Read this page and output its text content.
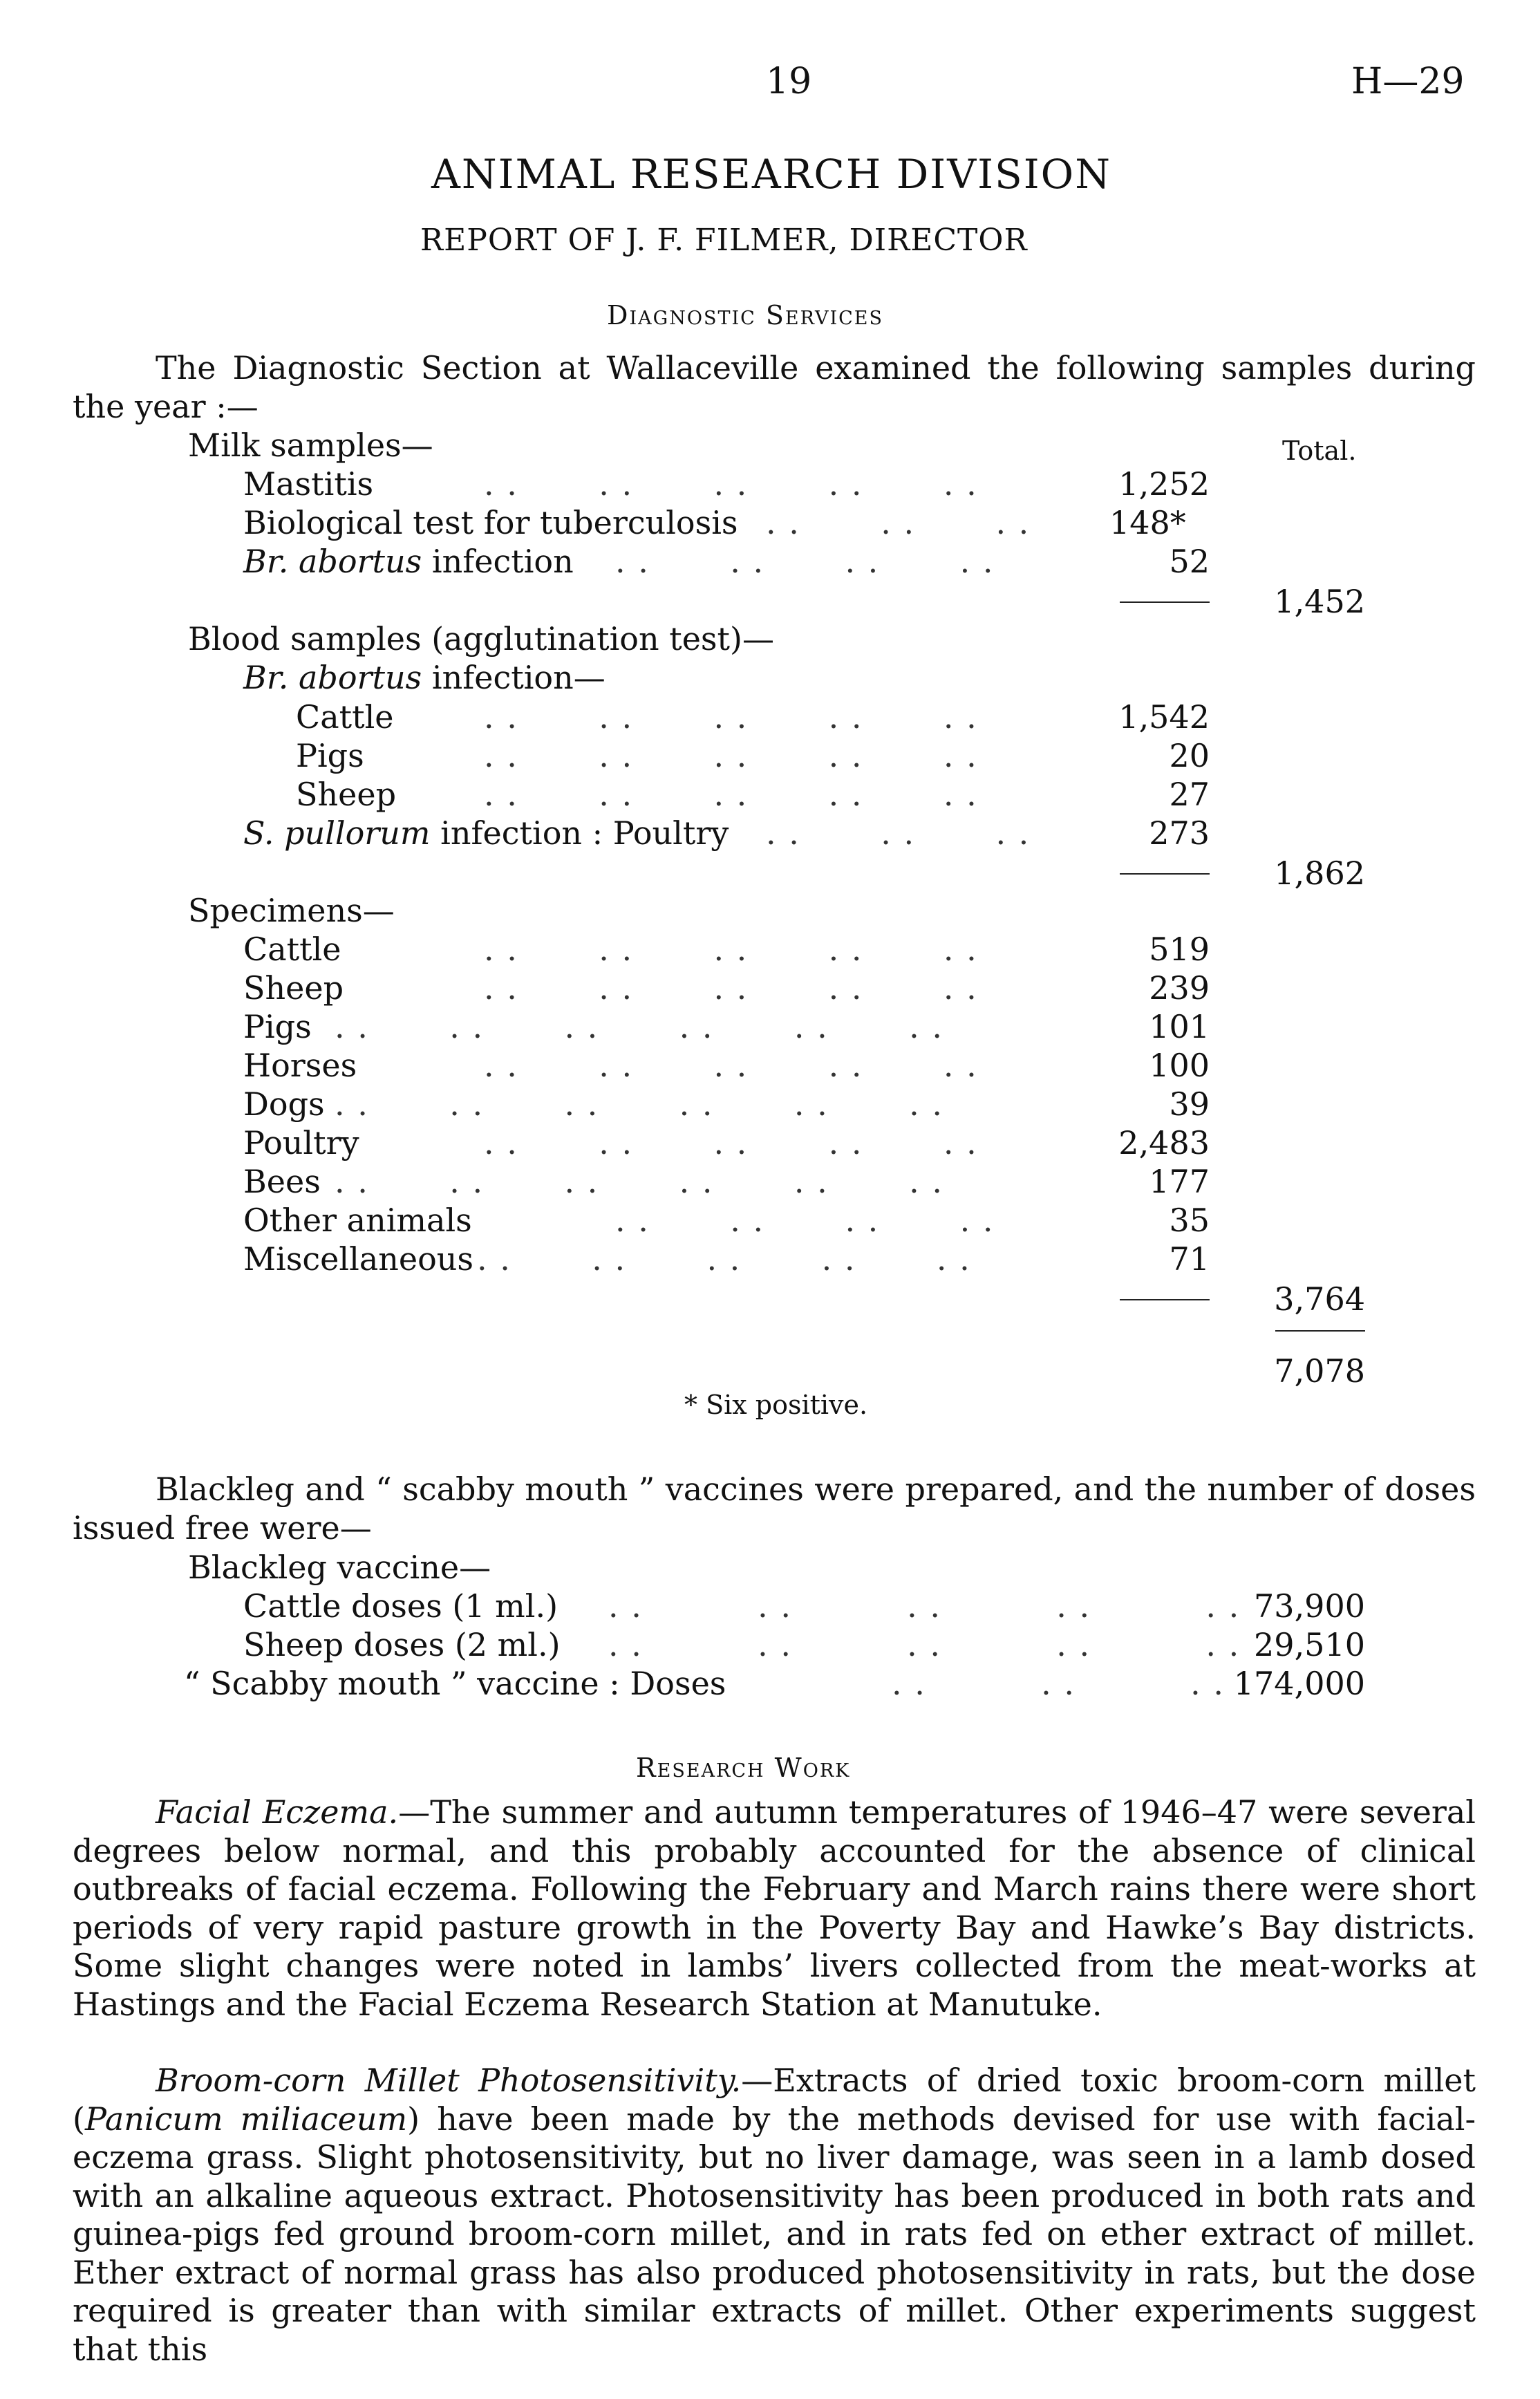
19	H—29
ANIMAL RESEARCH DIVISION
REPORT OF J. F. FILMER, DIRECTOR
Diagnostic Services
The Diagnostic Section at Wallaceville examined the following samples during the year :—
Total.
Milk samples—
Mastitis	. .       . .       . .       . .       . .	1,252
Biological test for tuberculosis . .       . .       . .	148*
Br. abortus infection . .       . .       . .       . .	52
1,452
Blood samples (agglutination test)—
Br. abortus infection—
Cattle	. .       . .       . .       . .       . .	1,542
Pigs	. .       . .       . .       . .       . .	20
Sheep	. .       . .       . .       . .       . .	27
S. pullorum infection : Poultry . .       . .       . .	273
1,862
Specimens—
Cattle	. .       . .       . .       . .       . .	519
Sheep	. .       . .       . .       . .       . .	239
Pigs . .       . .       . .       . .       . .       . .	101
Horses	. .       . .       . .       . .       . .	100
Dogs . .       . .       . .       . .       . .       . .	39
Poultry	. .       . .       . .       . .       . .	2,483
Bees . .       . .       . .       . .       . .       . .	177
Other animals	. .       . .       . .       . .	35
Miscellaneous . .       . .       . .       . .       . .	71
3,764
7,078
* Six positive.
Blackleg and “ scabby mouth ” vaccines were prepared, and the number of doses issued free were—
Blackleg vaccine—
Cattle doses (1 ml.) . .          . .          . .          . .          . . 73,900
Sheep doses (2 ml.) . .          . .          . .          . .          . . 29,510
“ Scabby mouth ” vaccine : Doses	. .          . .          . . 174,000
Research Work
Facial Eczema.—The summer and autumn temperatures of 1946–47 were several degrees below normal, and this probably accounted for the absence of clinical outbreaks of facial eczema. Following the February and March rains there were short periods of very rapid pasture growth in the Poverty Bay and Hawke’s Bay districts. Some slight changes were noted in lambs’ livers collected from the meat-works at Hastings and the Facial Eczema Research Station at Manutuke.
Broom-corn Millet Photosensitivity.—Extracts of dried toxic broom-corn millet (Panicum miliaceum) have been made by the methods devised for use with facial-eczema grass. Slight photosensitivity, but no liver damage, was seen in a lamb dosed with an alkaline aqueous extract. Photosensitivity has been produced in both rats and guinea-pigs fed ground broom-corn millet, and in rats fed on ether extract of millet. Ether extract of normal grass has also produced photosensitivity in rats, but the dose required is greater than with similar extracts of millet. Other experiments suggest that this
